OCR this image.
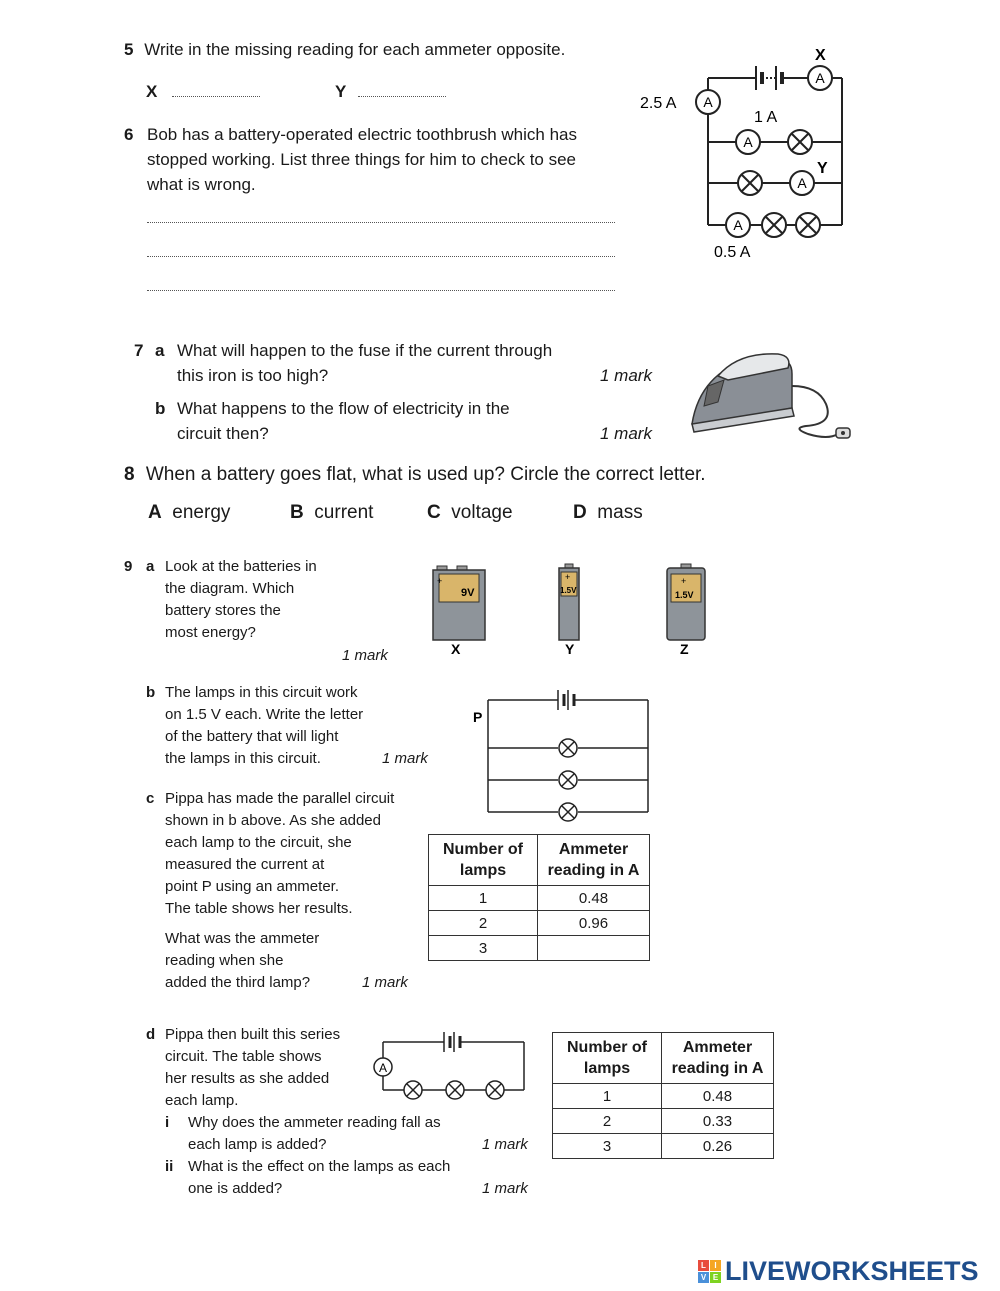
5 Write in the missing reading for each ammeter opposite.
X	Y
A
A
A
A
A
X
Y
2.5 A
1 A
0.5 A
6 Bob has a battery-operated electric toothbrush which has
stopped working. List three things for him to check to see
what is wrong.
7 a What will happen to the fuse if the current through
this iron is too high?	1 mark
b What happens to the flow of electricity in the
circuit then?	1 mark
8 When a battery goes flat, what is used up? Circle the correct letter.
A energy	B current	C voltage	D mass
9 a Look at the batteries in
the diagram. Which
battery stores the
most energy?
1 mark
+
9V
X
+
1.5V
Y
+
1.5V
Z
b The lamps in this circuit work
on 1.5 V each. Write the letter
of the battery that will light
the lamps in this circuit.	1 mark
P
c Pippa has made the parallel circuit
shown in b above. As she added
each lamp to the circuit, she
measured the current at
point P using an ammeter.
The table shows her results.
What was the ammeter
reading when she
added the third lamp?	1 mark
Number of lamps	Ammeter reading in A
1	0.48
2	0.96
3	
d Pippa then built this series
circuit. The table shows
her results as she added
each lamp.
A
i Why does the ammeter reading fall as
each lamp is added?	1 mark
ii What is the effect on the lamps as each
one is added?	1 mark
Number of lamps	Ammeter reading in A
1	0.48
2	0.33
3	0.26
L	I
V E LIVEWORKSHEETS
